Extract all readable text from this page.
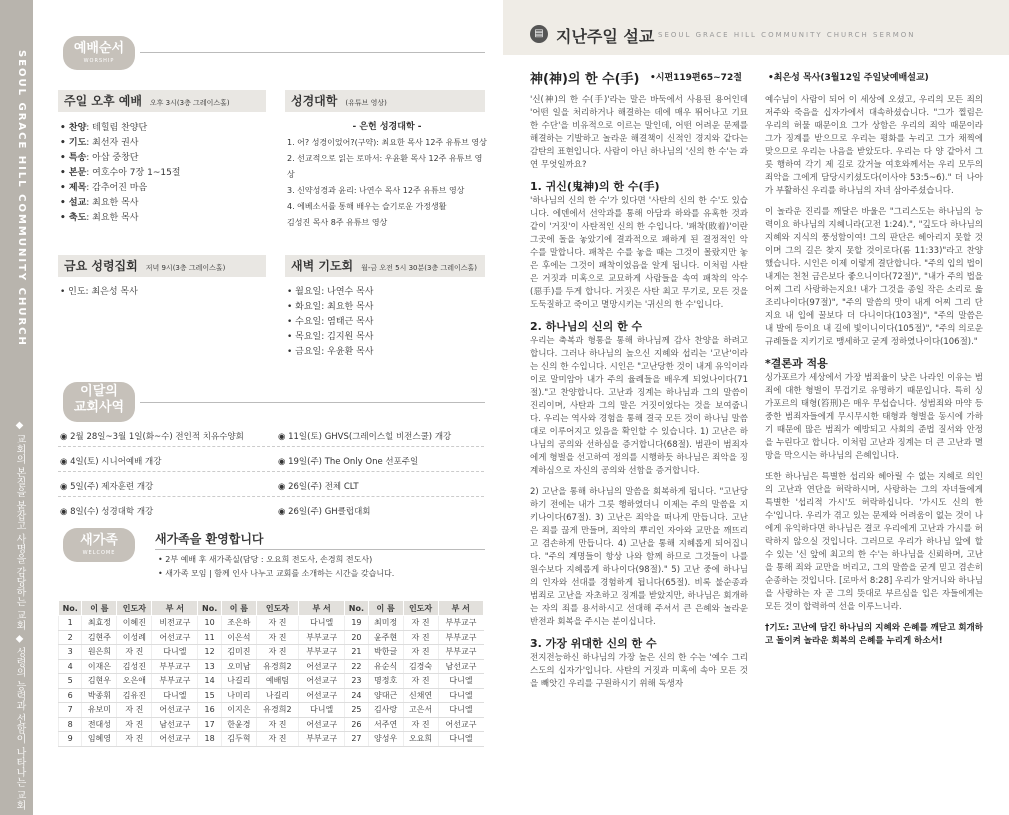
SEOUL GRACE HILL COMMUNITY CHURCH
◆ 교회의 본질을 붙잡고 사명을 감당하는 교회 ◆ 성령의 능력과 선함이 나타나는 교회
예배순서
WORSHIP
주일 오후 예배 오후 3시(3층 그레이스홀)
• 찬양: 테힐림 찬양단
• 기도: 최선자 권사
• 특송: 아삽 중창단
• 본문: 여호수아 7장 1~15절
• 제목: 감추어진 마음
• 설교: 최요한 목사
• 축도: 최요한 목사
성경대학 (유튜브 영상)
- 은헌 성경대학 -
1. 어? 성경이었어?(구약): 최요한 목사 12주 유튜브 영상
2. 선교적으로 읽는 로마서: 우윤환 목사 12주 유튜브 영상
3. 신약성경과 윤리: 나연수 목사 12주 유튜브 영상
4. 에베소서를 통해 배우는 슬기로운 가정생활
김성진 목사 8주 유튜브 영상
금요 성령집회 저녁 9시(3층 그레이스홀)
• 인도: 최은성 목사
새벽 기도회 월-금 오전 5시 30분(3층 그레이스홀)
• 월요일: 나연수 목사
• 화요일: 최요한 목사
• 수요일: 염태근 목사
• 목요일: 김지원 목사
• 금요일: 우윤환 목사
이달의
교회사역
◉ 2월 28일~3월 1일(화~수) 전인적 치유수양회
◉ 4일(토) 시니어예배 개강
◉ 5일(주) 제자훈련 개강
◉ 8일(수) 성경대학 개강
◉ 11일(토) GHVS(그레이스힐 비전스쿨) 개강
◉ 19일(주) The Only One 선포주일
◉ 26일(주) 전체 CLT
◉ 26일(주) GH클럽대회
새가족
WELCOME
새가족을 환영합니다
• 2부 예배 후 새가족실(담당 : 오요희 전도사, 손경희 전도사)
• 새가족 모임 | 함께 인사 나누고 교회를 소개하는 시간을 갖습니다.
No.	이 름	인도자	부 서	No.	이 름	인도자	부 서	No.	이 름	인도자	부 서
1	최효정	이혜진	비전교구	10	조은하	자 진	다니엘	19	최미정	자 진	부부교구
2	김현주	이성례	어선교구	11	이은석	자 진	부부교구	20	윤주현	자 진	부부교구
3	원은희	자 진	다니엘	12	김미진	자 진	부부교구	21	박한글	자 진	부부교구
4	이재은	김성진	부부교구	13	오미남	유경희2	어선교구	22	유순식	김경숙	남선교구
5	김현우	오은애	부부교구	14	나길리	예배팀	어선교구	23	명정호	자 진	다니엘
6	박종휘	김유진	다니엘	15	나미리	나길리	어선교구	24	양대근	신채연	다니엘
7	유보미	자 진	어선교구	16	이지은	유경희2	다니엘	25	김사랑	고은서	다니엘
8	전대성	자 진	남선교구	17	한윤경	자 진	어선교구	26	서주연	자 진	어선교구
9	임혜영	자 진	어선교구	18	김두혁	자 진	부부교구	27	양성우	오요희	다니엘
▤ 지난주일 설교 SEOUL GRACE HILL COMMUNITY CHURCH SERMON
神(神)의 한 수(手) •시편119편65~72절	•최은성 목사(3월12일 주일낮예배설교)

'신(神)의 한 수(手)'라는 말은 바둑에서 사용된 용어인데 '어떤 일을 처리하거나 해결하는 데에 매우 뛰어나고 기묘한 수단'을 비유적으로 이르는 말인데, 어떤 어려운 문제를 해결하는 기발하고 놀라운 해결책이 신적인 경지와 같다는 감탄의 표현입니다. 사람이 아닌 하나님의 '신의 한 수'는 과연 무엇일까요?

1. 귀신(鬼神)의 한 수(手)

'하나님의 신의 한 수'가 있다면 '사탄의 신의 한 수'도 있습니다. 에덴에서 선악과를 통해 아담과 하와를 유혹한 것과 같이 '거짓'이 사탄적인 신의 한 수입니다. '패착(敗着)'이란 그곳에 돌을 놓았기에 결과적으로 패하게 된 결정적인 악 수를 말합니다. 패착은 수를 놓을 때는 그것이 몰랐지만 놓은 후에는 그것이 패착이었음을 알게 됩니다. 이처럼 사탄은 거짓과 미혹으로 교묘하게 사람들을 속여 패착의 악수(惡手)를 두게 합니다. 거짓은 사탄 최고 무기로, 모든 것을 도둑질하고 죽이고 멸망시키는 '귀신의 한 수'입니다.

2. 하나님의 신의 한 수

우리는 축복과 형통을 통해 하나님께 감사 찬양을 하려고 합니다. 그러나 하나님의 높으신 지혜와 섭리는 '고난'이라는 신의 한 수입니다. 시인은 "고난당한 것이 내게 유익이라 이로 말미암아 내가 주의 율례들을 배우게 되었나이다(71절)."고 찬양합니다. 고난과 징계는 하나님과 그의 말씀이 진리이며, 사탄과 그의 말은 거짓이었다는 것을 보여줍니다. 우리는 역사와 경험을 통해 결국 모든 것이 하나님 말씀대로 이루어지고 있음을 확인할 수 있습니다. 1) 고난은 하나님의 공의와 선하심을 증거합니다(68절). 범관이 범죄자에게 형벌을 선고하여 정의를 시행하듯 하나님은 죄악을 징계하심으로 자신의 공의와 선함을 증거합니다.

2) 고난을 통해 하나님의 말씀을 회복하게 됩니다. "고난당하기 전에는 내가 그릇 행하였더니 이제는 주의 말씀을 지키나이다(67절). 3) 고난은 죄악을 떠나게 만듭니다. 고난은 죄를 끊게 만들며, 죄악의 뿌리인 자아와 교만을 깨뜨리고 겸손하게 만듭니다. 4) 고난을 통해 지혜롭게 되어집니다. "주의 계명들이 항상 나와 함께 하므로 그것들이 나를 원수보다 지혜롭게 하나이다(98절)." 5) 고난 중에 하나님의 인자와 선대를 경험하게 됩니다(65절). 비록 불순종과 범죄로 고난을 자초하고 징계를 받았지만, 하나님은 회개하는 자의 죄를 용서하시고 선대해 주셔서 큰 은혜와 놀라운 반전과 회복을 주시는 분이십니다.

3. 가장 위대한 신의 한 수

전지전능하신 하나님의 가장 높은 신의 한 수는 '예수 그리스도의 십자가'입니다. 사탄의 거짓과 미혹에 속아 모든 것을 빼앗긴 우리를 구원하시기 위해 독생자

예수님이 사람이 되어 이 세상에 오셨고, 우리의 모든 죄의 저주와 죽음을 십자가에서 대속하셨습니다. "그가 찔림은 우리의 허물 때문이요 그가 상함은 우리의 죄악 때문이라 그가 징계를 받으므로 우리는 평화를 누리고 그가 채찍에 맞으므로 우리는 나음을 받았도다. 우리는 다 양 같아서 그릇 행하여 각기 제 길로 갔거늘 여호와께서는 우리 모두의 죄악을 그에게 담당시키셨도다(이사야 53:5~6)." 더 나아가 부활하신 우리를 하나님의 자녀 삼아주셨습니다.

이 놀라운 진리를 깨달은 바울은 "그리스도는 하나님의 능력이요 하나님의 지혜니라(고전 1:24).", "깊도다 하나님의 지혜와 지식의 풍성함이여! 그의 판단은 헤아리지 못할 것이며 그의 길은 찾지 못할 것이로다(롬 11:33)"라고 찬양했습니다. 시인은 이제 이렇게 결단합니다. "주의 입의 법이 내게는 천천 금은보다 좋으니이다(72절)", "내가 주의 법을 어찌 그리 사랑하는지요! 내가 그것을 종일 작은 소리로 읊조리나이다(97절)", "주의 말씀의 맛이 내게 어찌 그리 단지요 내 입에 꿀보다 더 다니이다(103절)", "주의 말씀은 내 발에 등이요 내 길에 빛이니이다(105절)", "주의 의로운 규례들을 지키기로 맹세하고 굳게 정하였나이다(106절)."

*결론과 적용

싱가포르가 세상에서 가장 범죄율이 낮은 나라인 이유는 범죄에 대한 형벌이 무겁기로 유명하기 때문입니다. 특히 싱가포르의 태형(笞刑)은 매우 무섭습니다. 성범죄와 마약 등 중한 범죄자들에게 무시무시한 태형과 형벌을 동시에 가하기 때문에 많은 범죄가 예방되고 사회의 준법 질서와 안정을 누린다고 합니다. 이처럼 고난과 징계는 더 큰 고난과 멸망을 막으시는 하나님의 은혜입니다.

또한 하나님은 특별한 섭리와 헤아릴 수 없는 지혜로 의인의 고난과 연단을 허락하시며, 사랑하는 그의 자녀들에게 특별한 '섭리적 가시'도 허락하십니다. '가시도 신의 한 수'입니다. 우리가 겪고 있는 문제와 어려움이 없는 것이 나에게 유익하다면 하나님은 결코 우리에게 고난과 가시를 허락하지 않으실 것입니다. 그러므로 우리가 하나님 앞에 할 수 있는 '신 앞에 최고의 한 수'는 하나님을 신뢰하며, 고난을 통해 죄와 교만을 버리고, 그의 말씀을 굳게 믿고 겸손히 순종하는 것입니다. [로마서 8:28] 우리가 알거니와 하나님을 사랑하는 자 곧 그의 뜻대로 부르심을 입은 자들에게는 모든 것이 합력하여 선을 이루느니라.

†기도: 고난에 담긴 하나님의 지혜와 은혜를 깨닫고 회개하고 돌이켜 놀라운 회복의 은혜를 누리게 하소서!
